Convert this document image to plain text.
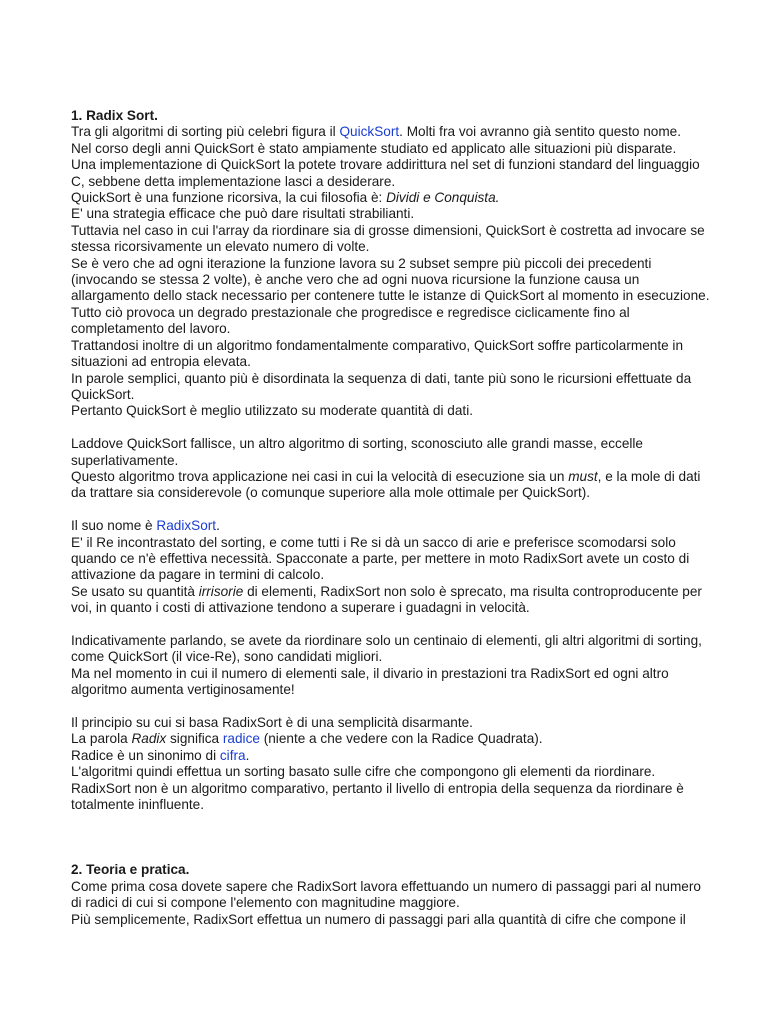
1. Radix Sort.

Tra gli algoritmi di sorting più celebri figura il QuickSort. Molti fra voi avranno già sentito questo nome.

Nel corso degli anni QuickSort è stato ampiamente studiato ed applicato alle situazioni più disparate.

Una implementazione di QuickSort la potete trovare addirittura nel set di funzioni standard del linguaggio C, sebbene detta implementazione lasci a desiderare.

QuickSort è una funzione ricorsiva, la cui filosofia è: Dividi e Conquista.

E' una strategia efficace che può dare risultati strabilianti.

Tuttavia nel caso in cui l'array da riordinare sia di grosse dimensioni, QuickSort è costretta ad invocare se stessa ricorsivamente un elevato numero di volte.

Se è vero che ad ogni iterazione la funzione lavora su 2 subset sempre più piccoli dei precedenti (invocando se stessa 2 volte), è anche vero che ad ogni nuova ricursione la funzione causa un allargamento dello stack necessario per contenere tutte le istanze di QuickSort al momento in esecuzione.

Tutto ciò provoca un degrado prestazionale che progredisce e regredisce ciclicamente fino al completamento del lavoro.

Trattandosi inoltre di un algoritmo fondamentalmente comparativo, QuickSort soffre particolarmente in situazioni ad entropia elevata.

In parole semplici, quanto più è disordinata la sequenza di dati, tante più sono le ricursioni effettuate da QuickSort.

Pertanto QuickSort è meglio utilizzato su moderate quantità di dati.

Laddove QuickSort fallisce, un altro algoritmo di sorting, sconosciuto alle grandi masse, eccelle superlativamente.

Questo algoritmo trova applicazione nei casi in cui la velocità di esecuzione sia un must, e la mole di dati da trattare sia considerevole (o comunque superiore alla mole ottimale per QuickSort).

Il suo nome è RadixSort.

E' il Re incontrastato del sorting, e come tutti i Re si dà un sacco di arie e preferisce scomodarsi solo quando ce n'è effettiva necessità. Spacconate a parte, per mettere in moto RadixSort avete un costo di attivazione da pagare in termini di calcolo.

Se usato su quantità irrisorie di elementi, RadixSort non solo è sprecato, ma risulta controproducente per voi, in quanto i costi di attivazione tendono a superare i guadagni in velocità.

Indicativamente parlando, se avete da riordinare solo un centinaio di elementi, gli altri algoritmi di sorting, come QuickSort (il vice-Re), sono candidati migliori.

Ma nel momento in cui il numero di elementi sale, il divario in prestazioni tra RadixSort ed ogni altro algoritmo aumenta vertiginosamente!

Il principio su cui si basa RadixSort è di una semplicità disarmante.

La parola Radix significa radice (niente a che vedere con la Radice Quadrata).

Radice è un sinonimo di cifra.

L'algoritmi quindi effettua un sorting basato sulle cifre che compongono gli elementi da riordinare.

RadixSort non è un algoritmo comparativo, pertanto il livello di entropia della sequenza da riordinare è totalmente ininfluente.

2. Teoria e pratica.

Come prima cosa dovete sapere che RadixSort lavora effettuando un numero di passaggi pari al numero di radici di cui si compone l'elemento con magnitudine maggiore.

Più semplicemente, RadixSort effettua un numero di passaggi pari alla quantità di cifre che compone il
